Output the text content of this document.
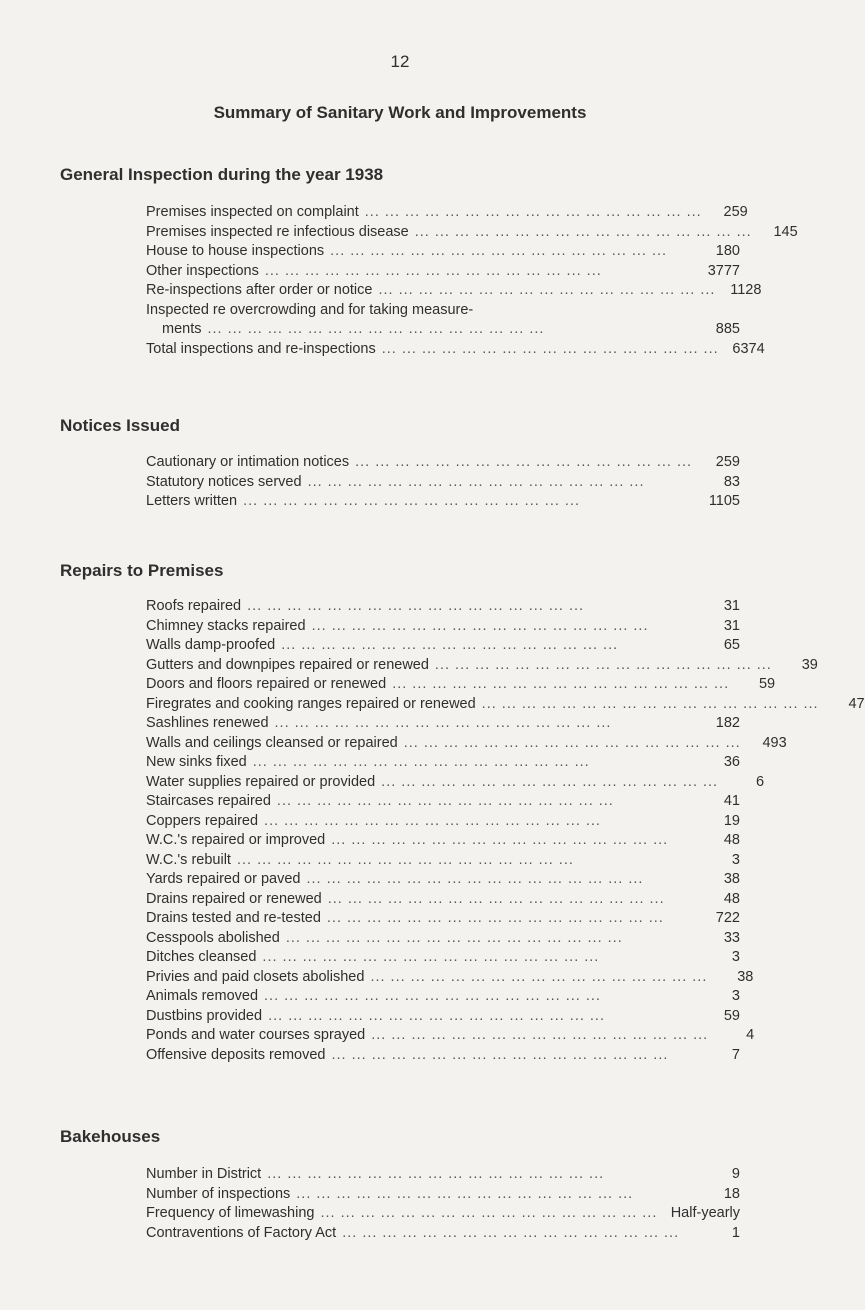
12
Summary of Sanitary Work and Improvements
General Inspection during the year 1938
Premises inspected on complaint ... ... ... ... ... ... ... ... ... ... ... ... ... ... ... ... ...	259
Premises inspected re infectious disease ... ... ... ... ... ... ... ... ... ... ... ... ... ... ... ... ...	145
House to house inspections ... ... ... ... ... ... ... ... ... ... ... ... ... ... ... ... ...	180
Other inspections ... ... ... ... ... ... ... ... ... ... ... ... ... ... ... ... ...	3777
Re-inspections after order or notice ... ... ... ... ... ... ... ... ... ... ... ... ... ... ... ... ...	1128
Inspected re overcrowding and for taking measure-
ments ... ... ... ... ... ... ... ... ... ... ... ... ... ... ... ... ...	885
Total inspections and re-inspections ... ... ... ... ... ... ... ... ... ... ... ... ... ... ... ... ... 6374
Notices Issued
Cautionary or intimation notices ... ... ... ... ... ... ... ... ... ... ... ... ... ... ... ... ...	259
Statutory notices served ... ... ... ... ... ... ... ... ... ... ... ... ... ... ... ... ...	83
Letters written ... ... ... ... ... ... ... ... ... ... ... ... ... ... ... ... ...	1105
Repairs to Premises
Roofs repaired ... ... ... ... ... ... ... ... ... ... ... ... ... ... ... ... ...	31
Chimney stacks repaired ... ... ... ... ... ... ... ... ... ... ... ... ... ... ... ... ...	31
Walls damp-proofed ... ... ... ... ... ... ... ... ... ... ... ... ... ... ... ... ...	65
Gutters and downpipes repaired or renewed ... ... ... ... ... ... ... ... ... ... ... ... ... ... ... ... ...	39
Doors and floors repaired or renewed ... ... ... ... ... ... ... ... ... ... ... ... ... ... ... ... ...	59
Firegrates and cooking ranges repaired or renewed ... ... ... ... ... ... ... ... ... ... ... ... ... ... ... ... ...	47
Sashlines renewed ... ... ... ... ... ... ... ... ... ... ... ... ... ... ... ... ...	182
Walls and ceilings cleansed or repaired ... ... ... ... ... ... ... ... ... ... ... ... ... ... ... ... ...	493
New sinks fixed ... ... ... ... ... ... ... ... ... ... ... ... ... ... ... ... ...	36
Water supplies repaired or provided ... ... ... ... ... ... ... ... ... ... ... ... ... ... ... ... ...	6
Staircases repaired ... ... ... ... ... ... ... ... ... ... ... ... ... ... ... ... ...	41
Coppers repaired ... ... ... ... ... ... ... ... ... ... ... ... ... ... ... ... ...	19
W.C.'s repaired or improved ... ... ... ... ... ... ... ... ... ... ... ... ... ... ... ... ...	48
W.C.'s rebuilt ... ... ... ... ... ... ... ... ... ... ... ... ... ... ... ... ...	3
Yards repaired or paved ... ... ... ... ... ... ... ... ... ... ... ... ... ... ... ... ...	38
Drains repaired or renewed ... ... ... ... ... ... ... ... ... ... ... ... ... ... ... ... ...	48
Drains tested and re-tested ... ... ... ... ... ... ... ... ... ... ... ... ... ... ... ... ...	722
Cesspools abolished ... ... ... ... ... ... ... ... ... ... ... ... ... ... ... ... ...	33
Ditches cleansed ... ... ... ... ... ... ... ... ... ... ... ... ... ... ... ... ...	3
Privies and paid closets abolished ... ... ... ... ... ... ... ... ... ... ... ... ... ... ... ... ...	38
Animals removed ... ... ... ... ... ... ... ... ... ... ... ... ... ... ... ... ...	3
Dustbins provided ... ... ... ... ... ... ... ... ... ... ... ... ... ... ... ... ...	59
Ponds and water courses sprayed ... ... ... ... ... ... ... ... ... ... ... ... ... ... ... ... ...	4
Offensive deposits removed ... ... ... ... ... ... ... ... ... ... ... ... ... ... ... ... ...	7
Bakehouses
Number in District ... ... ... ... ... ... ... ... ... ... ... ... ... ... ... ... ...	9
Number of inspections ... ... ... ... ... ... ... ... ... ... ... ... ... ... ... ... ...	18
Frequency of limewashing ... ... ... ... ... ... ... ... ... ... ... ... ... ... ... ... ... Half-yearly
Contraventions of Factory Act ... ... ... ... ... ... ... ... ... ... ... ... ... ... ... ... ...	1
